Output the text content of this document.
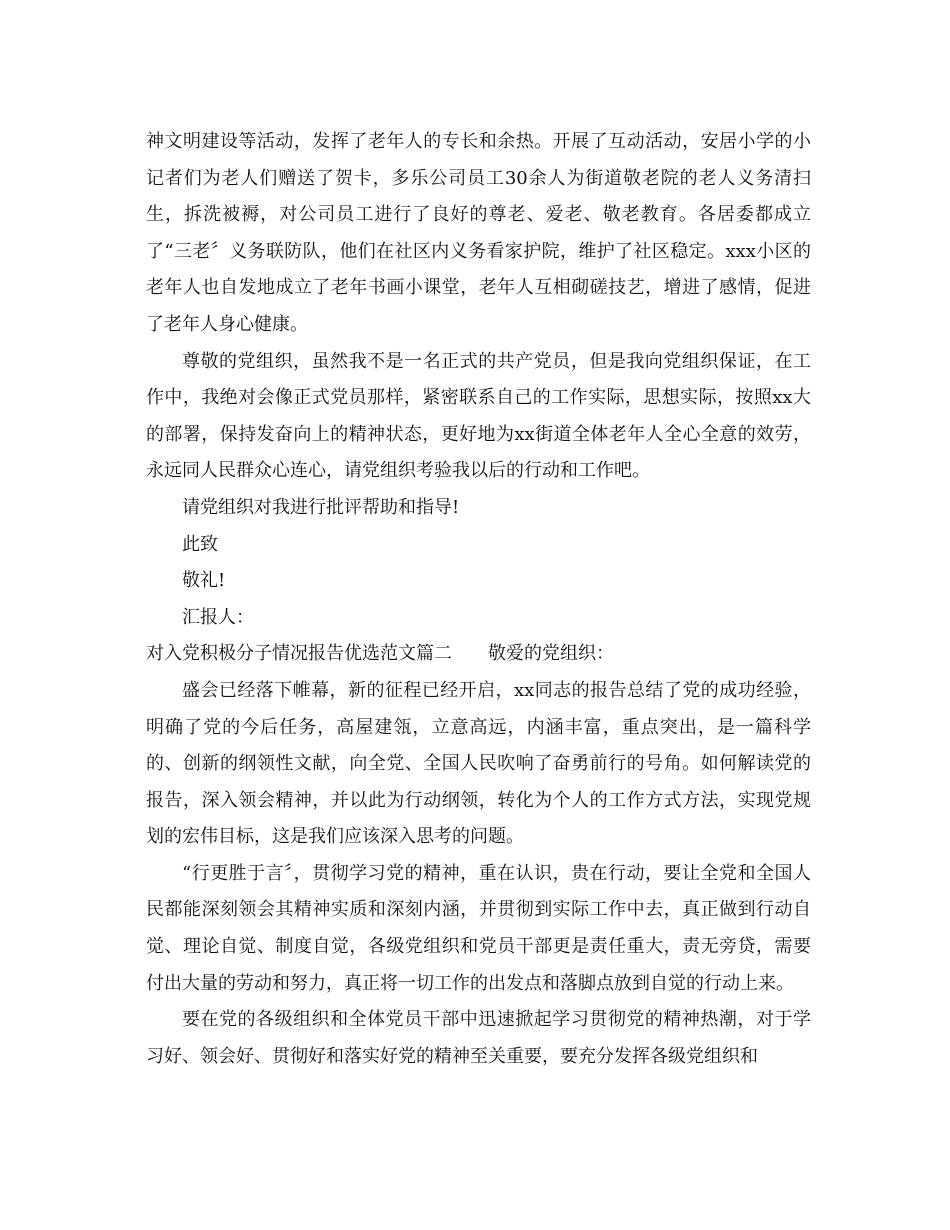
神文明建设等活动，发挥了老年人的专长和余热。开展了互动活动，安居小学的小记者们为老人们赠送了贺卡，多乐公司员工30余人为街道敬老院的老人义务清扫生，拆洗被褥，对公司员工进行了良好的尊老、爱老、敬老教育。各居委都成立了“三老〞义务联防队，他们在社区内义务看家护院，维护了社区稳定。xxx小区的老年人也自发地成立了老年书画小课堂，老年人互相砌磋技艺，增进了感情，促进了老年人身心健康。

尊敬的党组织，虽然我不是一名正式的共产党员，但是我向党组织保证，在工作中，我绝对会像正式党员那样，紧密联系自己的工作实际，思想实际，按照xx大的部署，保持发奋向上的精神状态，更好地为xx街道全体老年人全心全意的效劳，永远同人民群众心连心，请党组织考验我以后的行动和工作吧。

请党组织对我进行批评帮助和指导!

此致

敬礼!

汇报人：

对入党积极分子情况报告优选范文篇二　　敬爱的党组织：

盛会已经落下帷幕，新的征程已经开启，xx同志的报告总结了党的成功经验，明确了党的今后任务，高屋建瓴，立意高远，内涵丰富，重点突出，是一篇科学的、创新的纲领性文献，向全党、全国人民吹响了奋勇前行的号角。如何解读党的报告，深入领会精神，并以此为行动纲领，转化为个人的工作方式方法，实现党规划的宏伟目标，这是我们应该深入思考的问题。

“行更胜于言〞，贯彻学习党的精神，重在认识，贵在行动，要让全党和全国人民都能深刻领会其精神实质和深刻内涵，并贯彻到实际工作中去，真正做到行动自觉、理论自觉、制度自觉，各级党组织和党员干部更是责任重大，责无旁贷，需要付出大量的劳动和努力，真正将一切工作的出发点和落脚点放到自觉的行动上来。

要在党的各级组织和全体党员干部中迅速掀起学习贯彻党的精神热潮，对于学习好、领会好、贯彻好和落实好党的精神至关重要，要充分发挥各级党组织和
